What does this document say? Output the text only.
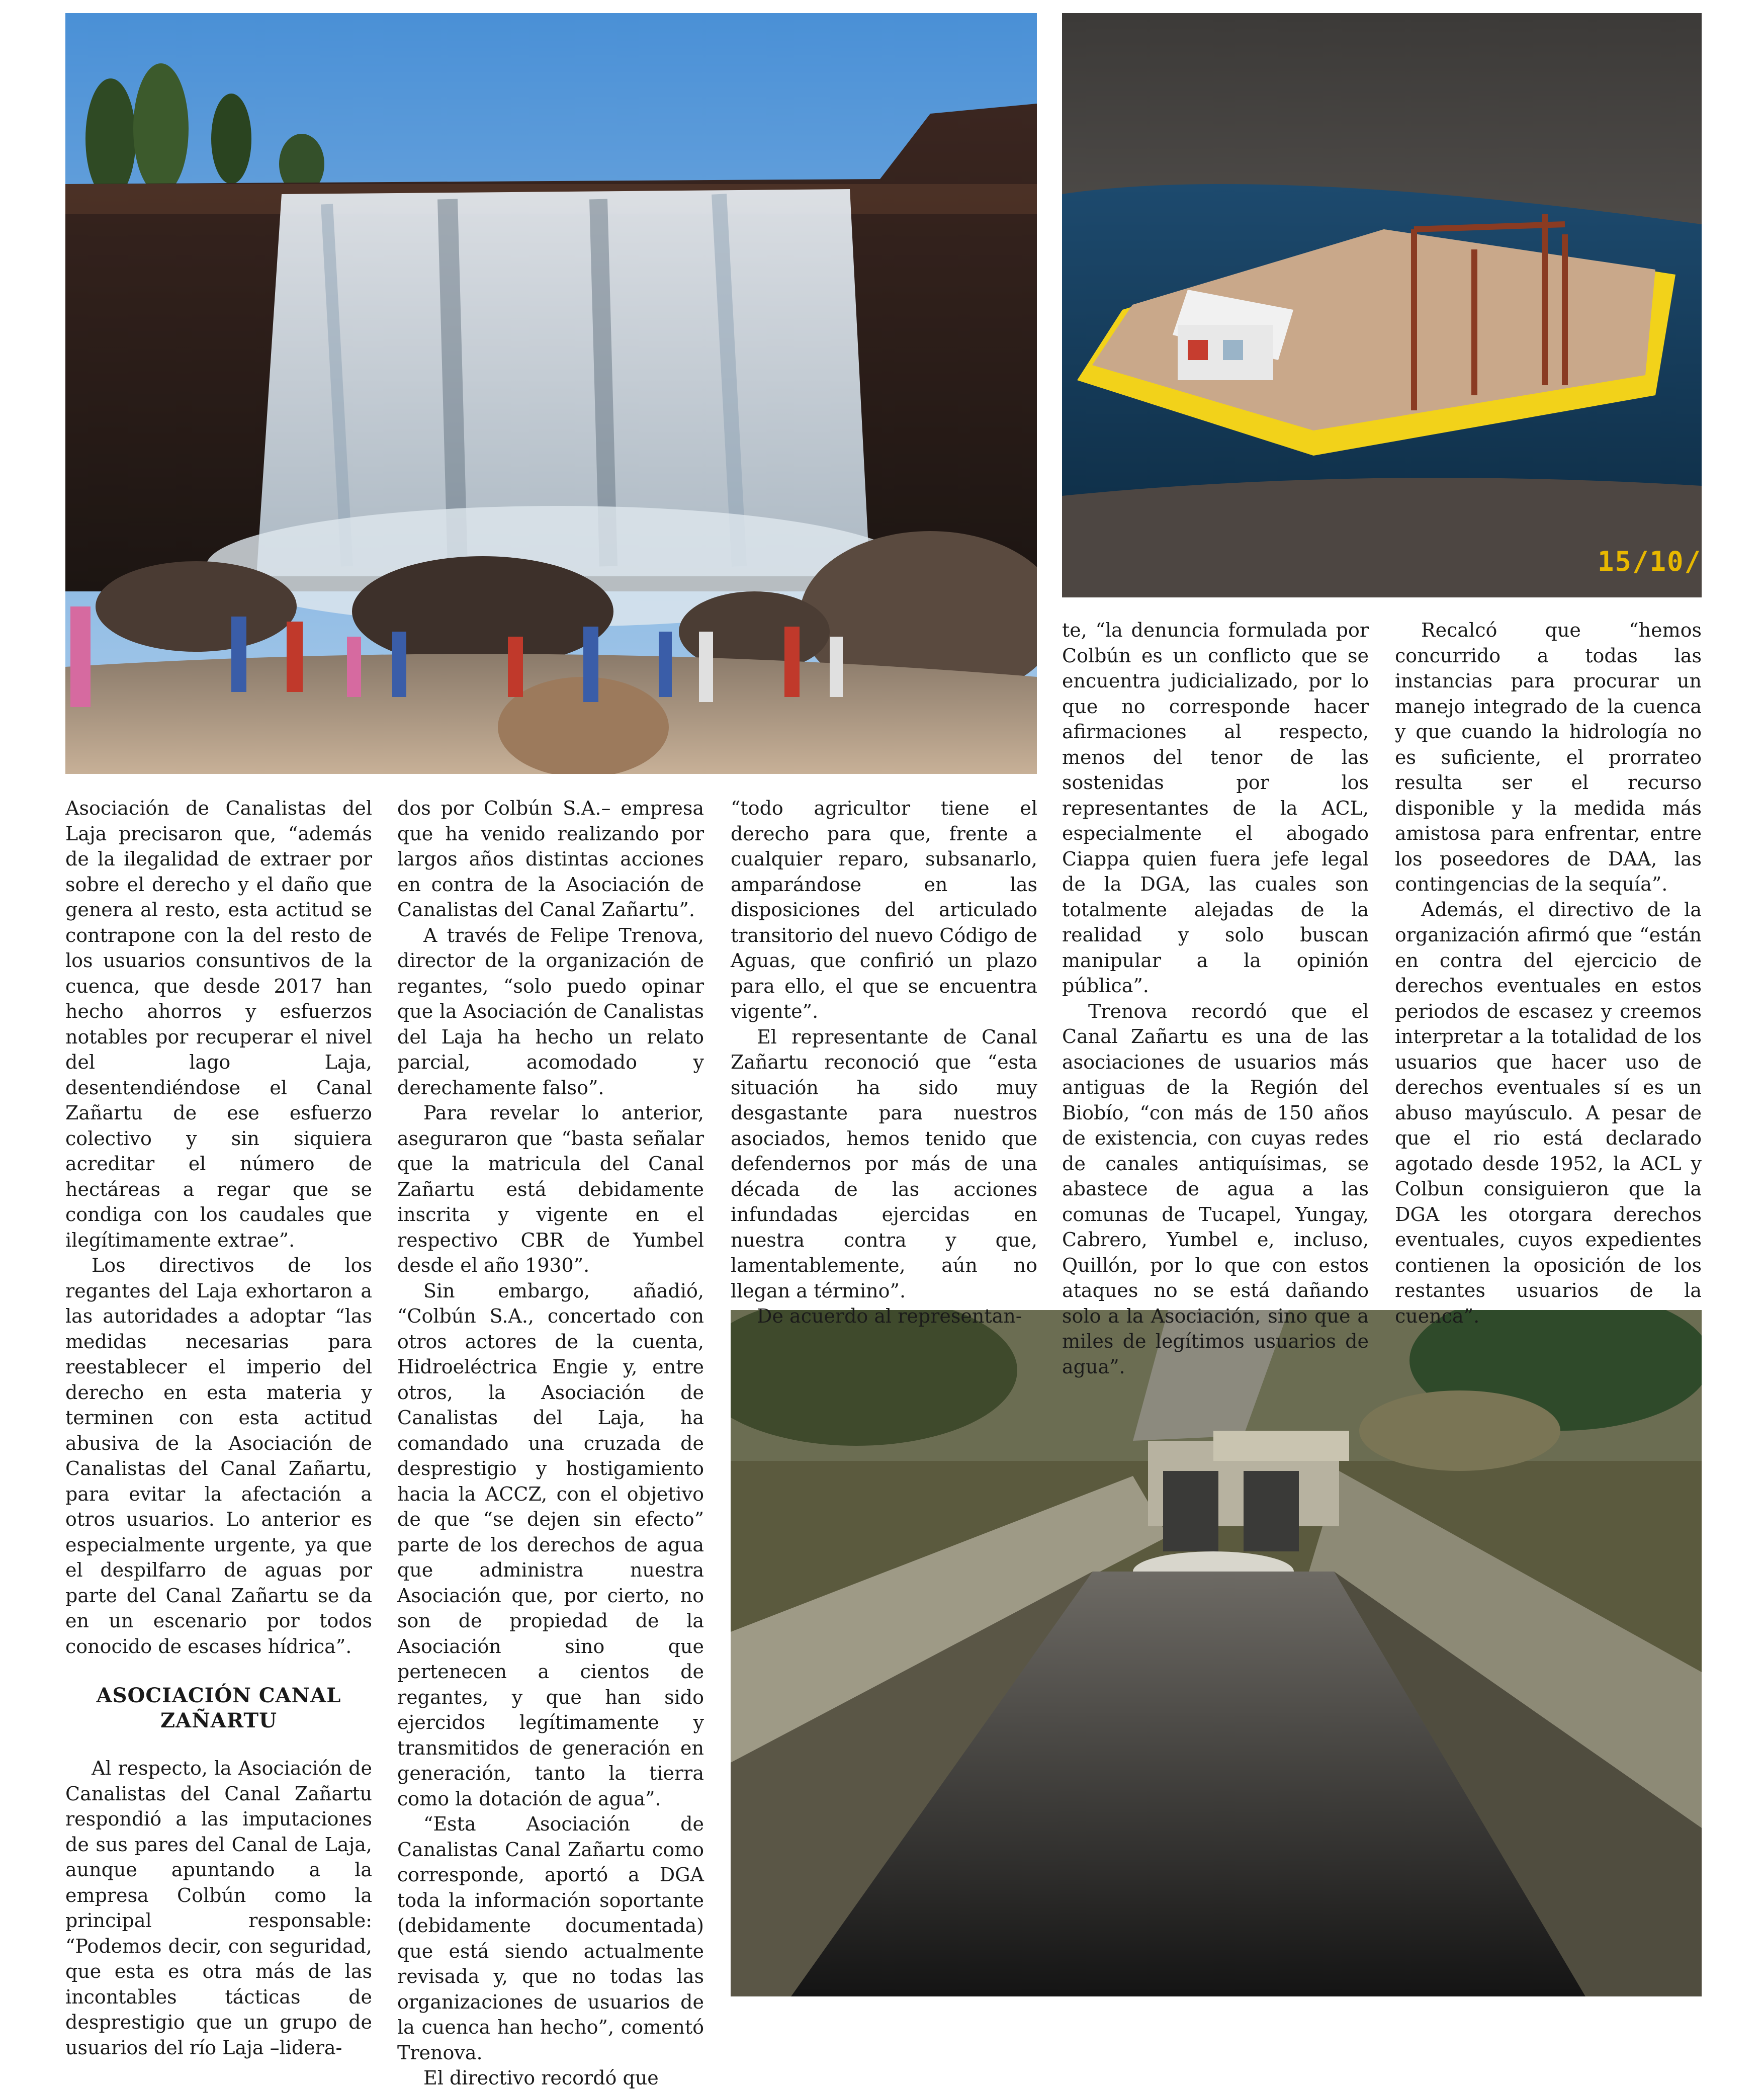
15/10/

Asociación de Canalistas del Laja precisaron que, “además de la ilegalidad de extraer por sobre el derecho y el daño que genera al resto, esta actitud se contrapone con la del resto de los usuarios consuntivos de la cuenca, que desde 2017 han hecho ahorros y esfuerzos notables por recuperar el nivel del lago Laja, desentendiéndose el Canal Zañartu de ese esfuerzo colectivo y sin siquiera acreditar el número de hectáreas a regar que se condiga con los caudales que ilegítimamente extrae”.

Los directivos de los regantes del Laja exhortaron a las autoridades a adoptar “las medidas necesarias para reestablecer el imperio del derecho en esta materia y terminen con esta actitud abusiva de la Asociación de Canalistas del Canal Zañartu, para evitar la afectación a otros usuarios. Lo anterior es especialmente urgente, ya que el despilfarro de aguas por parte del Canal Zañartu se da en un escenario por todos conocido de escases hídrica”.

ASOCIACIÓN CANAL ZAÑARTU

Al respecto, la Asociación de Canalistas del Canal Zañartu respondió a las imputaciones de sus pares del Canal de Laja, aunque apuntando a la empresa Colbún como la principal responsable: “Podemos decir, con seguridad, que esta es otra más de las incontables tácticas de desprestigio que un grupo de usuarios del río Laja –lidera-

dos por Colbún S.A.– empresa que ha venido realizando por largos años distintas acciones en contra de la Asociación de Canalistas del Canal Zañartu”.

A través de Felipe Trenova, director de la organización de regantes, “solo puedo opinar que la Asociación de Canalistas del Laja ha hecho un relato parcial, acomodado y derechamente falso”.

Para revelar lo anterior, aseguraron que “basta señalar que la matricula del Canal Zañartu está debidamente inscrita y vigente en el respectivo CBR de Yumbel desde el año 1930”.

Sin embargo, añadió, “Colbún S.A., concertado con otros actores de la cuenta, Hidroeléctrica Engie y, entre otros, la Asociación de Canalistas del Laja, ha comandado una cruzada de desprestigio y hostigamiento hacia la ACCZ, con el objetivo de que “se dejen sin efecto” parte de los derechos de agua que administra nuestra Asociación que, por cierto, no son de propiedad de la Asociación sino que pertenecen a cientos de regantes, y que han sido ejercidos legítimamente y transmitidos de generación en generación, tanto la tierra como la dotación de agua”.

“Esta Asociación de Canalistas Canal Zañartu como corresponde, aportó a DGA toda la información soportante (debidamente documentada) que está siendo actualmente revisada y, que no todas las organizaciones de usuarios de la cuenca han hecho”, comentó Trenova.

El directivo recordó que

“todo agricultor tiene el derecho para que, frente a cualquier reparo, subsanarlo, amparándose en las disposiciones del articulado transitorio del nuevo Código de Aguas, que confirió un plazo para ello, el que se encuentra vigente”.

El representante de Canal Zañartu reconoció que “esta situación ha sido muy desgastante para nuestros asociados, hemos tenido que defendernos por más de una década de las acciones infundadas ejercidas en nuestra contra y que, lamentablemente, aún no llegan a término”.

De acuerdo al representan-

te, “la denuncia formulada por Colbún es un conflicto que se encuentra judicializado, por lo que no corresponde hacer afirmaciones al respecto, menos del tenor de las sostenidas por los representantes de la ACL, especialmente el abogado Ciappa quien fuera jefe legal de la DGA, las cuales son totalmente alejadas de la realidad y solo buscan manipular a la opinión pública”.

Trenova recordó que el Canal Zañartu es una de las asociaciones de usuarios más antiguas de la Región del Biobío, “con más de 150 años de existencia, con cuyas redes de canales antiquísimas, se abastece de agua a las comunas de Tucapel, Yungay, Cabrero, Yumbel e, incluso, Quillón, por lo que con estos ataques no se está dañando solo a la Asociación, sino que a miles de legítimos usuarios de agua”.

Recalcó que “hemos concurrido a todas las instancias para procurar un manejo integrado de la cuenca y que cuando la hidrología no es suficiente, el prorrateo resulta ser el recurso disponible y la medida más amistosa para enfrentar, entre los poseedores de DAA, las contingencias de la sequía”.

Además, el directivo de la organización afirmó que “están en contra del ejercicio de derechos eventuales en estos periodos de escasez y creemos interpretar a la totalidad de los usuarios que hacer uso de derechos eventuales sí es un abuso mayúsculo. A pesar de que el rio está declarado agotado desde 1952, la ACL y Colbun consiguieron que la DGA les otorgara derechos eventuales, cuyos expedientes contienen la oposición de los restantes usuarios de la cuenca”.
